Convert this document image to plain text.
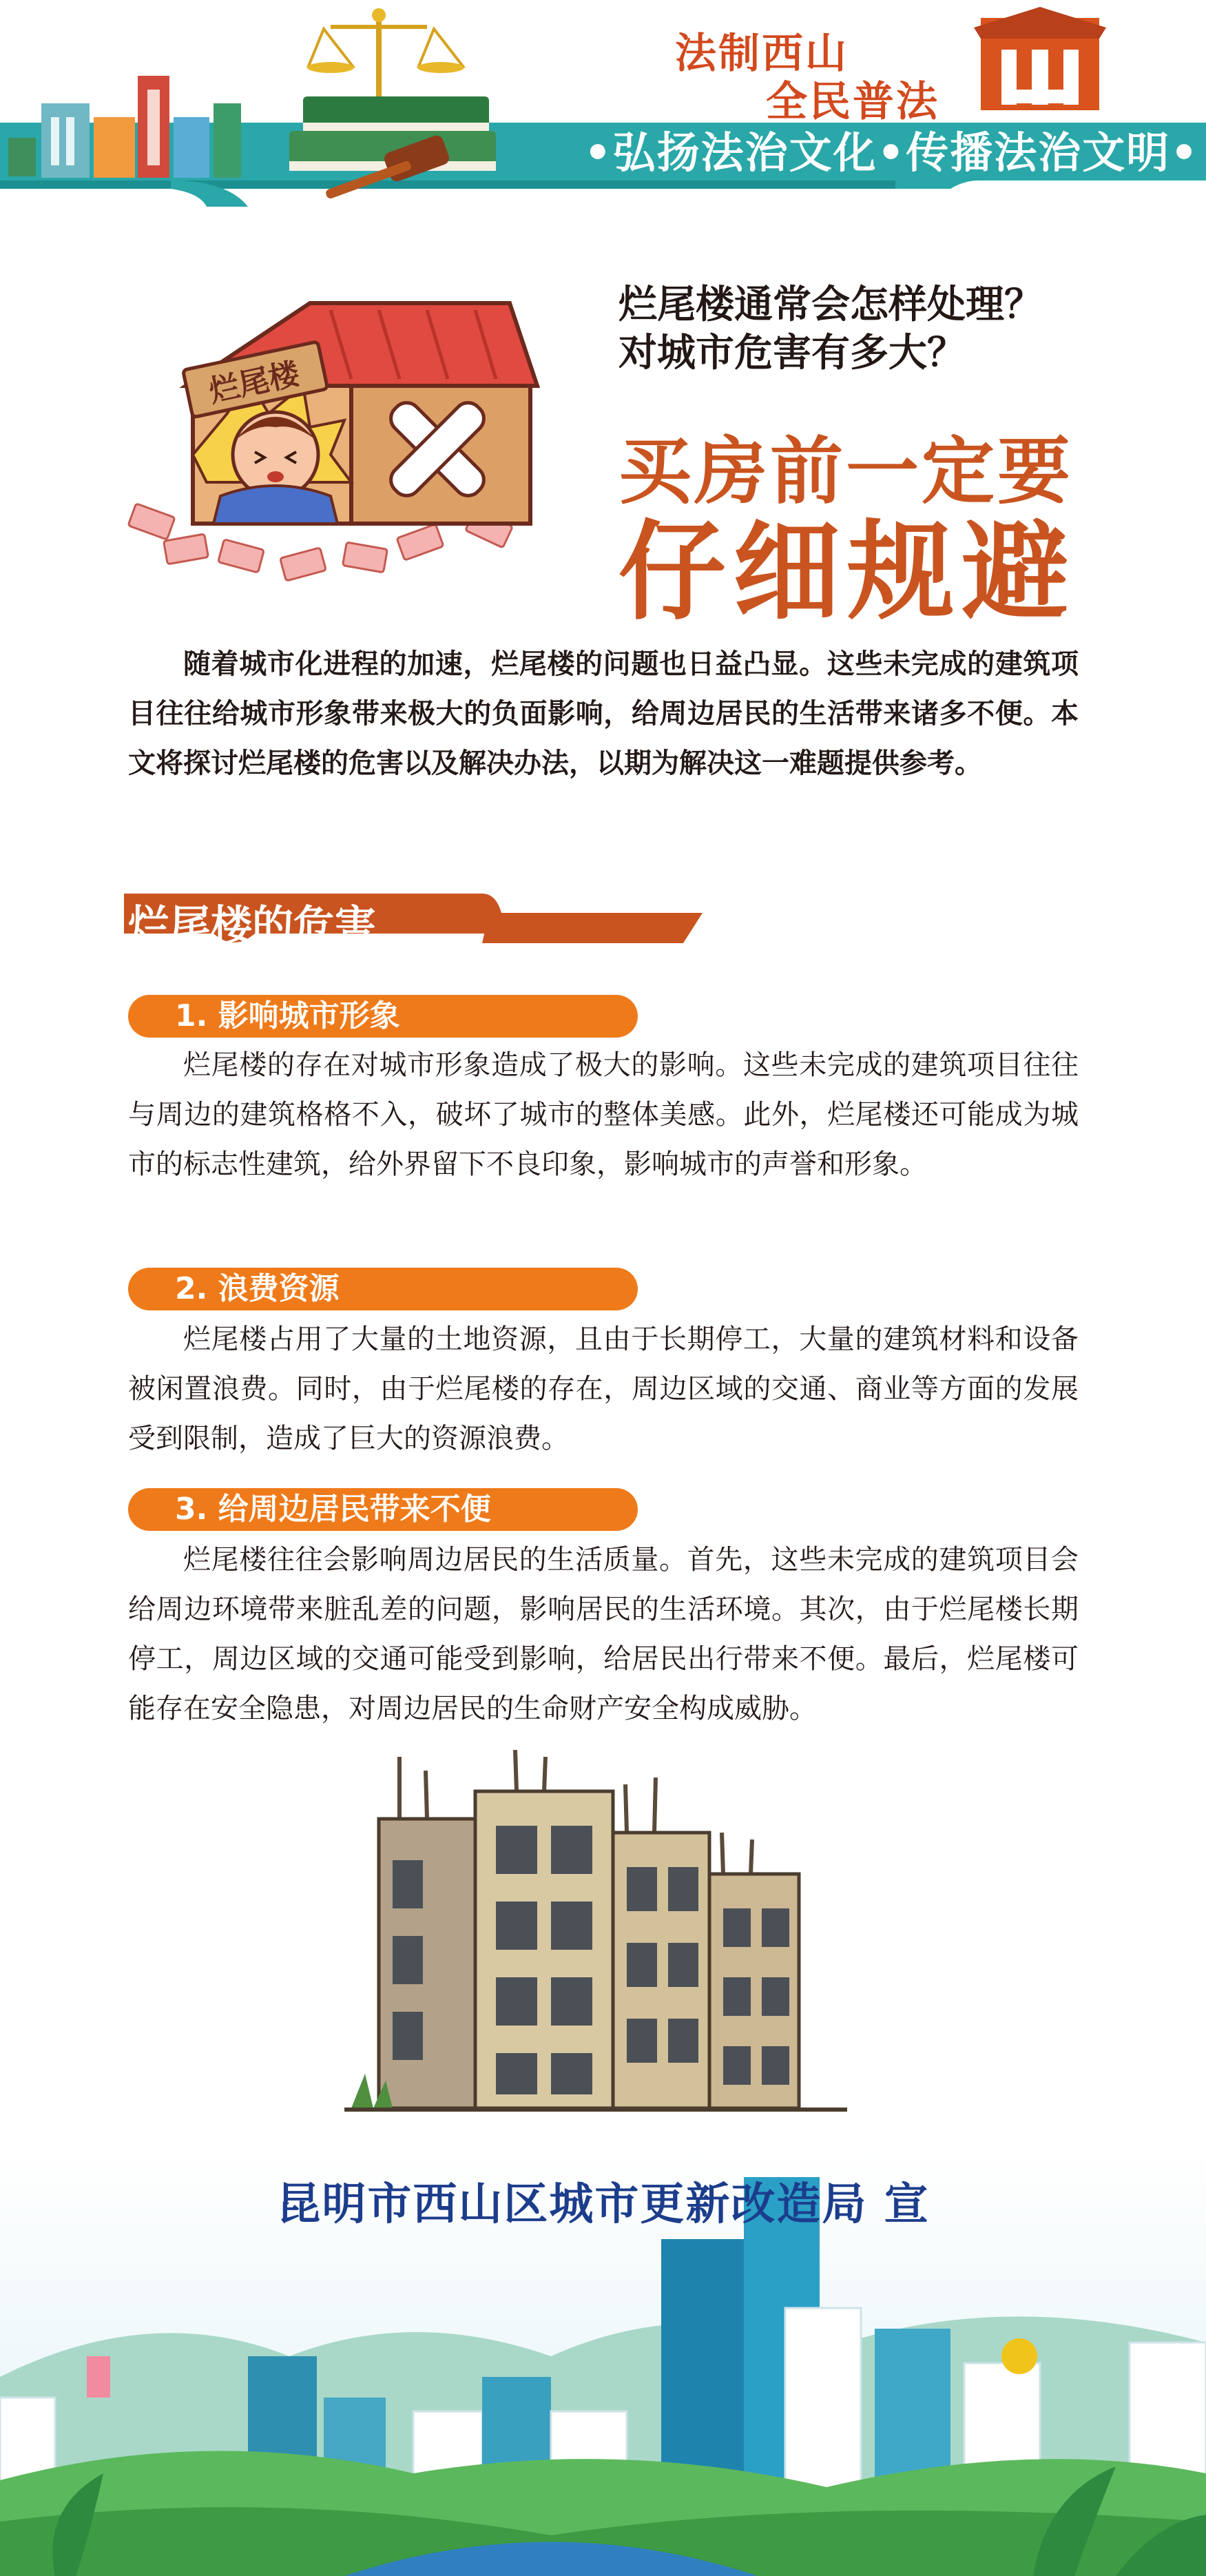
法制西山
全民普法
•弘扬法治文化•传播法治文明•
烂尾楼
烂尾楼通常会怎样处理？
对城市危害有多大？
买房前一定要
仔细规避

随着城市化进程的加速，烂尾楼的问题也日益凸显。这些未完成的建筑项目往往给城市形象带来极大的负面影响，给周边居民的生活带来诸多不便。本文将探讨烂尾楼的危害以及解决办法，以期为解决这一难题提供参考。

烂尾楼的危害
1. 影响城市形象

烂尾楼的存在对城市形象造成了极大的影响。这些未完成的建筑项目往往与周边的建筑格格不入，破坏了城市的整体美感。此外，烂尾楼还可能成为城市的标志性建筑，给外界留下不良印象，影响城市的声誉和形象。

2. 浪费资源

烂尾楼占用了大量的土地资源，且由于长期停工，大量的建筑材料和设备被闲置浪费。同时，由于烂尾楼的存在，周边区域的交通、商业等方面的发展受到限制，造成了巨大的资源浪费。

3. 给周边居民带来不便

烂尾楼往往会影响周边居民的生活质量。首先，这些未完成的建筑项目会给周边环境带来脏乱差的问题，影响居民的生活环境。其次，由于烂尾楼长期停工，周边区域的交通可能受到影响，给居民出行带来不便。最后，烂尾楼可能存在安全隐患，对周边居民的生命财产安全构成威胁。

昆明市西山区城市更新改造局 宣
